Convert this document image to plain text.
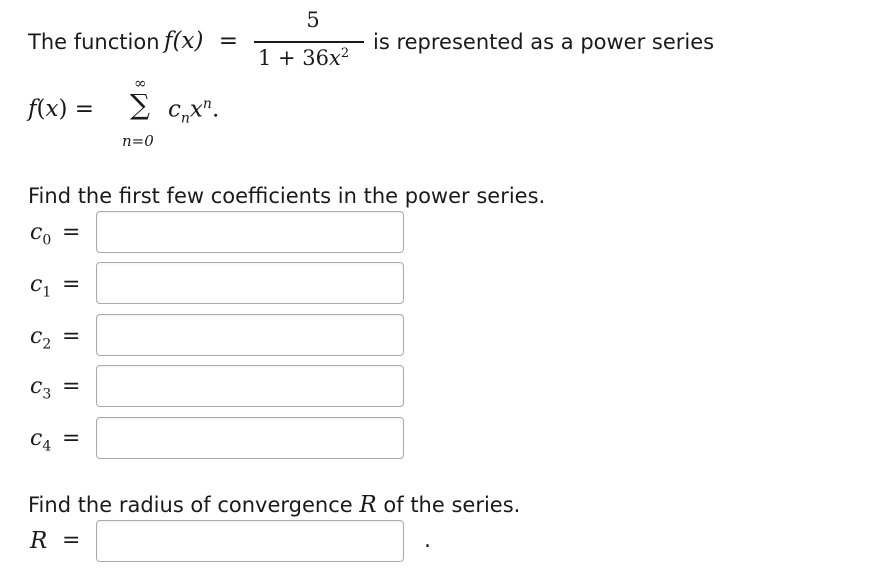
The function f(x) =
5
$1 + 36x^2$ is represented as a power series
f(x) =
∞
∑
n=0
$c_nx^n$.
Find the first few coefficients in the power series.
$c_0$ =
$c_1$ =
$c_2$ =
$c_3$ =
$c_4$ =
Find the radius of convergence R of the series.
R =	.
